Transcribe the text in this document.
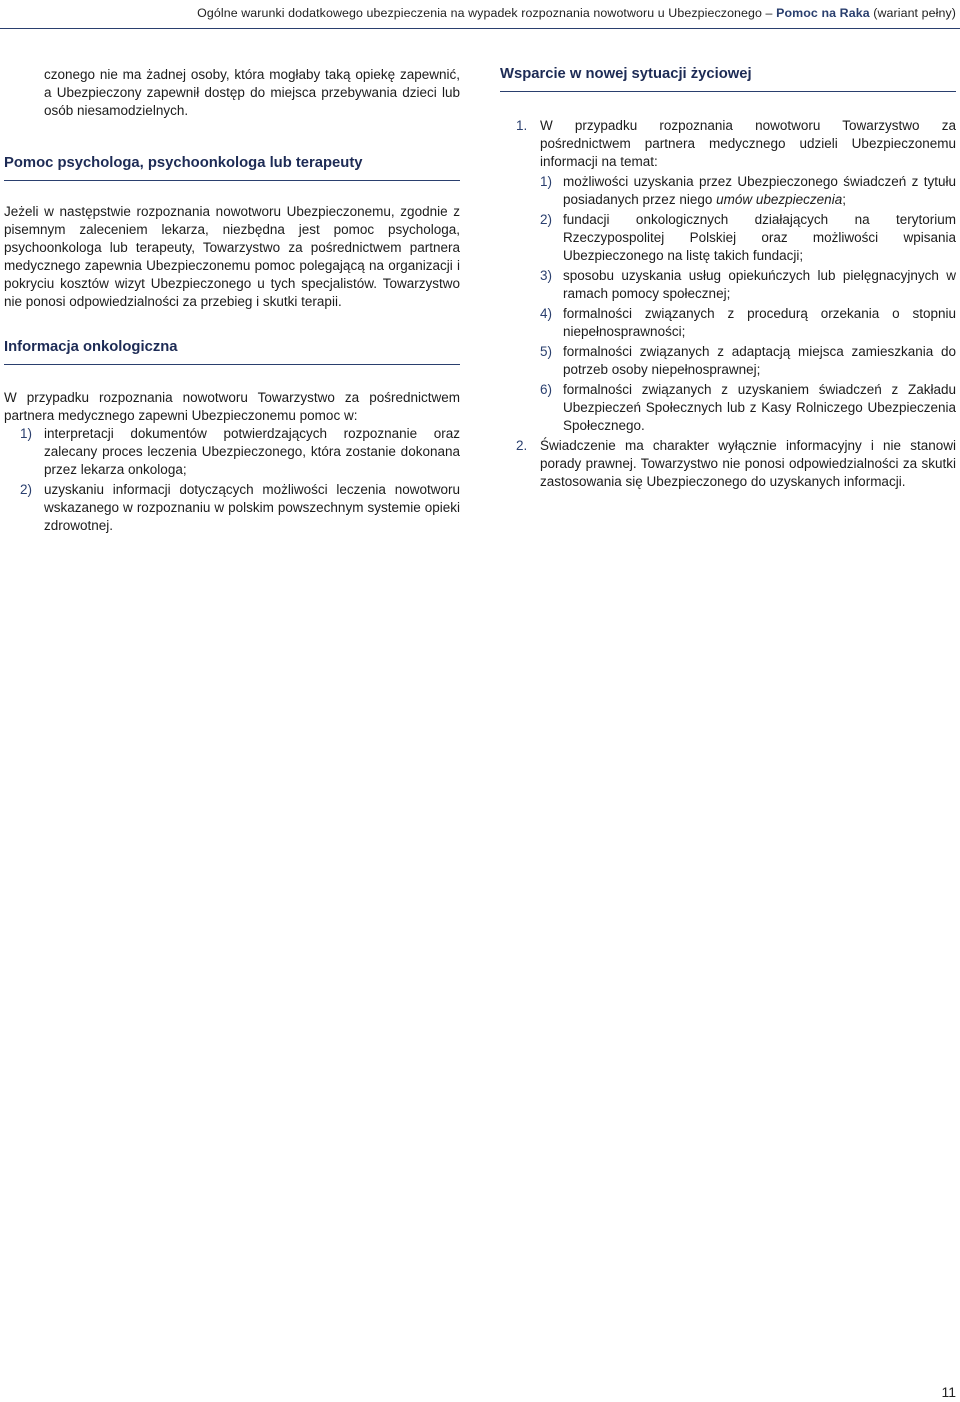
Ogólne warunki dodatkowego ubezpieczenia na wypadek rozpoznania nowotworu u Ubezpieczonego – Pomoc na Raka (wariant pełny)

czonego nie ma żadnej osoby, która mogłaby taką opiekę zapewnić, a Ubezpieczony zapewnił dostęp do miejsca przebywania dzieci lub osób niesamodzielnych.

Pomoc psychologa, psychoonkologa lub terapeuty

Jeżeli w następstwie rozpoznania nowotworu Ubezpieczonemu, zgodnie z pisemnym zaleceniem lekarza, niezbędna jest pomoc psychologa, psychoonkologa lub terapeuty, Towarzystwo za pośrednictwem partnera medycznego zapewnia Ubezpieczonemu pomoc polegającą na organizacji i pokryciu kosztów wizyt Ubezpieczonego u tych specjalistów. Towarzystwo nie ponosi odpowiedzialności za przebieg i skutki terapii.

Informacja onkologiczna

W przypadku rozpoznania nowotworu Towarzystwo za pośrednictwem partnera medycznego zapewni Ubezpieczonemu pomoc w:

1) interpretacji dokumentów potwierdzających rozpoznanie oraz zalecany proces leczenia Ubezpieczonego, która zostanie dokonana przez lekarza onkologa;
2) uzyskaniu informacji dotyczących możliwości leczenia nowotworu wskazanego w rozpoznaniu w polskim powszechnym systemie opieki zdrowotnej.
Wsparcie w nowej sytuacji życiowej
1. W przypadku rozpoznania nowotworu Towarzystwo za pośrednictwem partnera medycznego udzieli Ubezpieczonemu informacji na temat:
1) możliwości uzyskania przez Ubezpieczonego świadczeń z tytułu posiadanych przez niego umów ubezpieczenia;
2) fundacji onkologicznych działających na terytorium Rzeczypospolitej Polskiej oraz możliwości wpisania Ubezpieczonego na listę takich fundacji;
3) sposobu uzyskania usług opiekuńczych lub pielęgnacyjnych w ramach pomocy społecznej;
4) formalności związanych z procedurą orzekania o stopniu niepełnosprawności;
5) formalności związanych z adaptacją miejsca zamieszkania do potrzeb osoby niepełnosprawnej;
6) formalności związanych z uzyskaniem świadczeń z Zakładu Ubezpieczeń Społecznych lub z Kasy Rolniczego Ubezpieczenia Społecznego.
2. Świadczenie ma charakter wyłącznie informacyjny i nie stanowi porady prawnej. Towarzystwo nie ponosi odpowiedzialności za skutki zastosowania się Ubezpieczonego do uzyskanych informacji.
11
